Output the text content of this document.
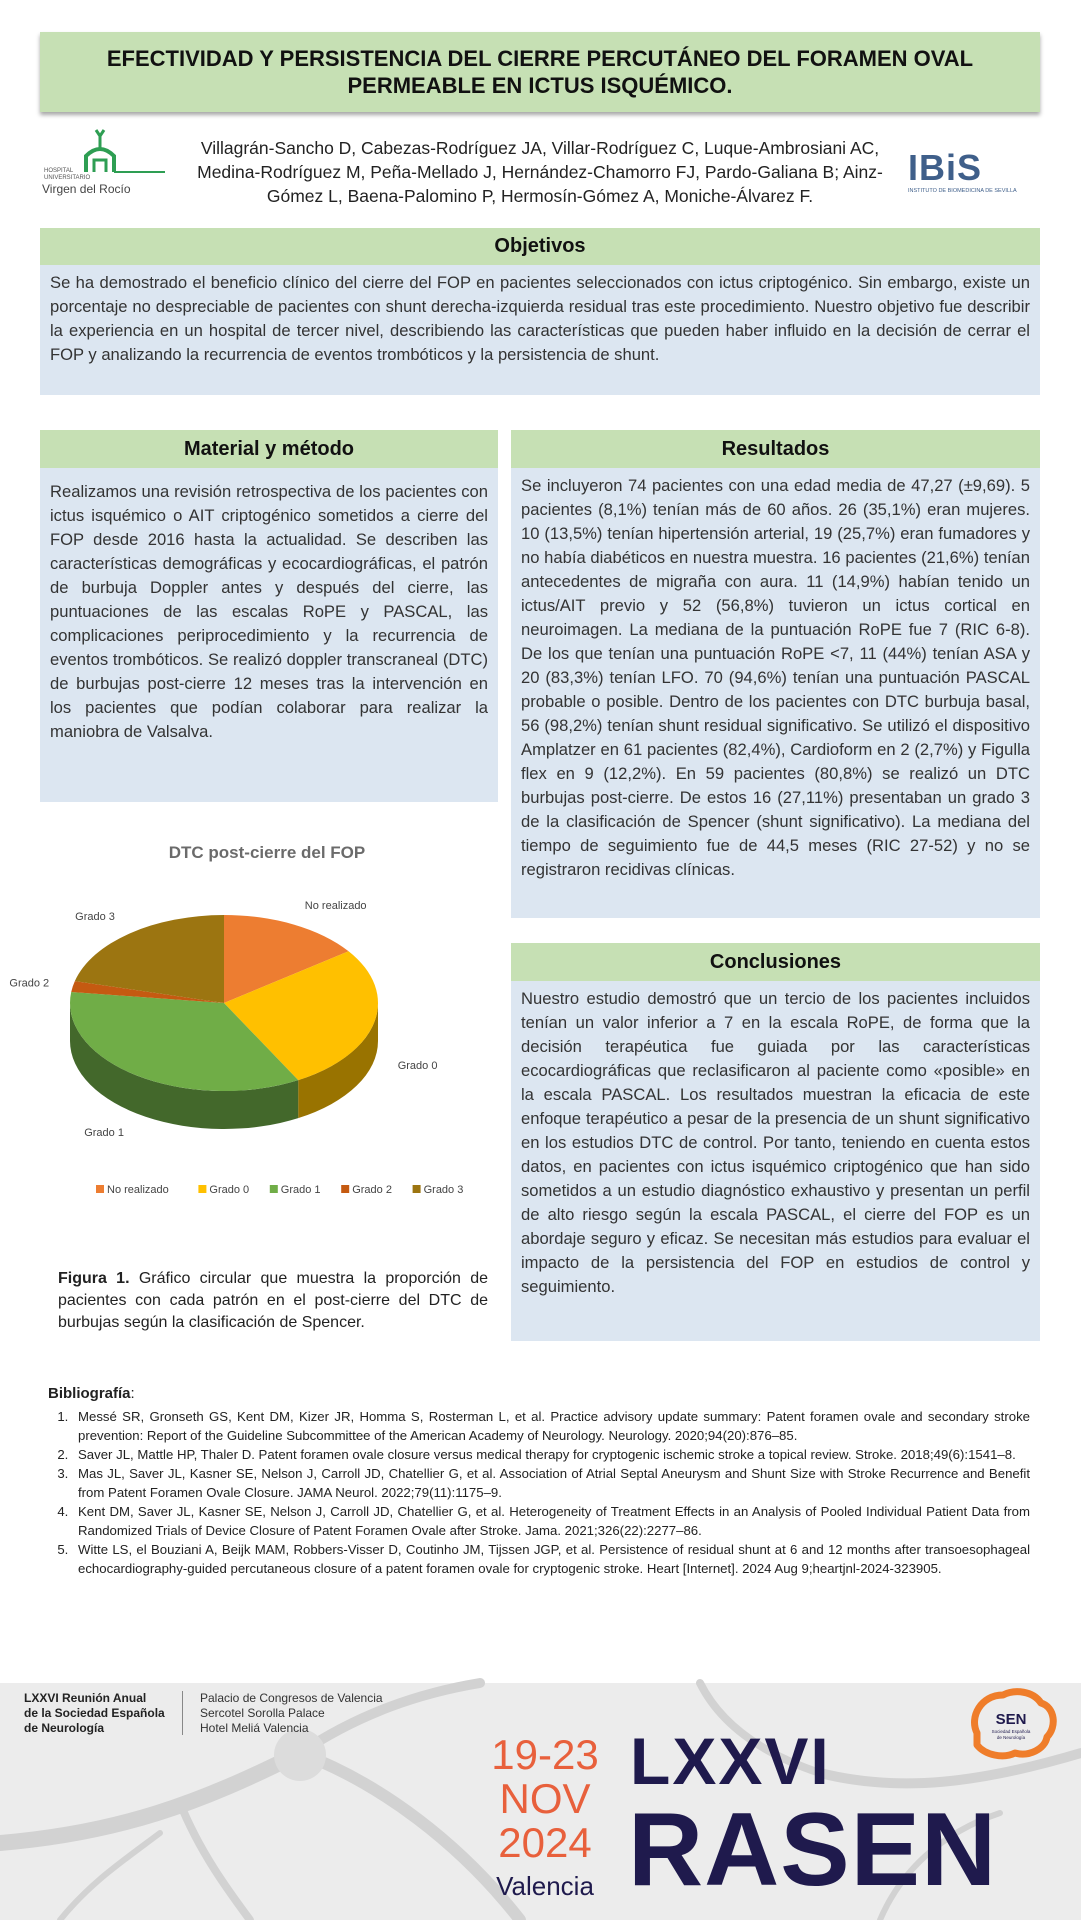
EFECTIVIDAD Y PERSISTENCIA DEL CIERRE PERCUTÁNEO DEL FORAMEN OVAL
PERMEABLE EN ICTUS ISQUÉMICO.
HOSPITAL UNIVERSITARIO
Virgen del Rocío
Villagrán-Sancho D, Cabezas-Rodríguez JA, Villar-Rodríguez C, Luque-Ambrosiani AC,
Medina-Rodríguez M, Peña-Mellado J, Hernández-Chamorro FJ, Pardo-Galiana B; Ainz-
Gómez L, Baena-Palomino P, Hermosín-Gómez A, Moniche-Álvarez F.
IBiS
INSTITUTO DE BIOMEDICINA DE SEVILLA
Objetivos
Se ha demostrado el beneficio clínico del cierre del FOP en pacientes seleccionados con ictus criptogénico. Sin embargo, existe un porcentaje no despreciable de pacientes con shunt derecha-izquierda residual tras este procedimiento. Nuestro objetivo fue describir la experiencia en un hospital de tercer nivel, describiendo las características que pueden haber influido en la decisión de cerrar el FOP y analizando la recurrencia de eventos trombóticos y la persistencia de shunt.
Material y método
Realizamos una revisión retrospectiva de los pacientes con ictus isquémico o AIT criptogénico sometidos a cierre del FOP desde 2016 hasta la actualidad. Se describen las características demográficas y ecocardiográficas, el patrón de burbuja Doppler antes y después del cierre, las puntuaciones de las escalas RoPE y PASCAL, las complicaciones periprocedimiento y la recurrencia de eventos trombóticos. Se realizó doppler transcraneal (DTC) de burbujas post-cierre 12 meses tras la intervención en los pacientes que podían colaborar para realizar la maniobra de Valsalva.
Resultados
Se incluyeron 74 pacientes con una edad media de 47,27 (±9,69). 5 pacientes (8,1%) tenían más de 60 años. 26 (35,1%) eran mujeres. 10 (13,5%) tenían hipertensión arterial, 19 (25,7%) eran fumadores y no había diabéticos en nuestra muestra. 16 pacientes (21,6%) tenían antecedentes de migraña con aura. 11 (14,9%) habían tenido un ictus/AIT previo y 52 (56,8%) tuvieron un ictus cortical en neuroimagen. La mediana de la puntuación RoPE fue 7 (RIC 6-8). De los que tenían una puntuación RoPE <7, 11 (44%) tenían ASA y 20 (83,3%) tenían LFO. 70 (94,6%) tenían una puntuación PASCAL probable o posible. Dentro de los pacientes con DTC burbuja basal, 56 (98,2%) tenían shunt residual significativo. Se utilizó el dispositivo Amplatzer en 61 pacientes (82,4%), Cardioform en 2 (2,7%) y Figulla flex en 9 (12,2%). En 59 pacientes (80,8%) se realizó un DTC burbujas post-cierre. De estos 16 (27,11%) presentaban un grado 3 de la clasificación de Spencer (shunt significativo). La mediana del tiempo de seguimiento fue de 44,5 meses (RIC 27-52) y no se registraron recidivas clínicas.
Conclusiones
Nuestro estudio demostró que un tercio de los pacientes incluidos tenían un valor inferior a 7 en la escala RoPE, de forma que la decisión terapéutica fue guiada por las características ecocardiográficas que reclasificaron al paciente como «posible» en la escala PASCAL. Los resultados muestran la eficacia de este enfoque terapéutico a pesar de la presencia de un shunt significativo en los estudios DTC de control. Por tanto, teniendo en cuenta estos datos, en pacientes con ictus isquémico criptogénico que han sido sometidos a un estudio diagnóstico exhaustivo y presentan un perfil de alto riesgo según la escala PASCAL, el cierre del FOP es un abordaje seguro y eficaz. Se necesitan más estudios para evaluar el impacto de la persistencia del FOP en estudios de control y seguimiento.
DTC post-cierre del FOP
No realizado
Grado 0
Grado 1
Grado 2
Grado 3
No realizado	Grado 0	Grado 1	Grado 2	Grado 3
Figura 1. Gráfico circular que muestra la proporción de pacientes con cada patrón en el post-cierre del DTC de burbujas según la clasificación de Spencer.
Bibliografía:
1. Messé SR, Gronseth GS, Kent DM, Kizer JR, Homma S, Rosterman L, et al. Practice advisory update summary: Patent foramen ovale and secondary stroke prevention: Report of the Guideline Subcommittee of the American Academy of Neurology. Neurology. 2020;94(20):876–85.
2. Saver JL, Mattle HP, Thaler D. Patent foramen ovale closure versus medical therapy for cryptogenic ischemic stroke a topical review. Stroke. 2018;49(6):1541–8.
3. Mas JL, Saver JL, Kasner SE, Nelson J, Carroll JD, Chatellier G, et al. Association of Atrial Septal Aneurysm and Shunt Size with Stroke Recurrence and Benefit from Patent Foramen Ovale Closure. JAMA Neurol. 2022;79(11):1175–9.
4. Kent DM, Saver JL, Kasner SE, Nelson J, Carroll JD, Chatellier G, et al. Heterogeneity of Treatment Effects in an Analysis of Pooled Individual Patient Data from Randomized Trials of Device Closure of Patent Foramen Ovale after Stroke. Jama. 2021;326(22):2277–86.
5. Witte LS, el Bouziani A, Beijk MAM, Robbers-Visser D, Coutinho JM, Tijssen JGP, et al. Persistence of residual shunt at 6 and 12 months after transoesophageal echocardiography-guided percutaneous closure of a patent foramen ovale for cryptogenic stroke. Heart [Internet]. 2024 Aug 9;heartjnl-2024-323905.
LXXVI Reunión Anual
de la Sociedad Española
de Neurología
Palacio de Congresos de Valencia
Sercotel Sorolla Palace
Hotel Meliá Valencia
19-23
NOV
2024
Valencia
LXXVI
RASEN
SEN
Sociedad Española
de Neurología
